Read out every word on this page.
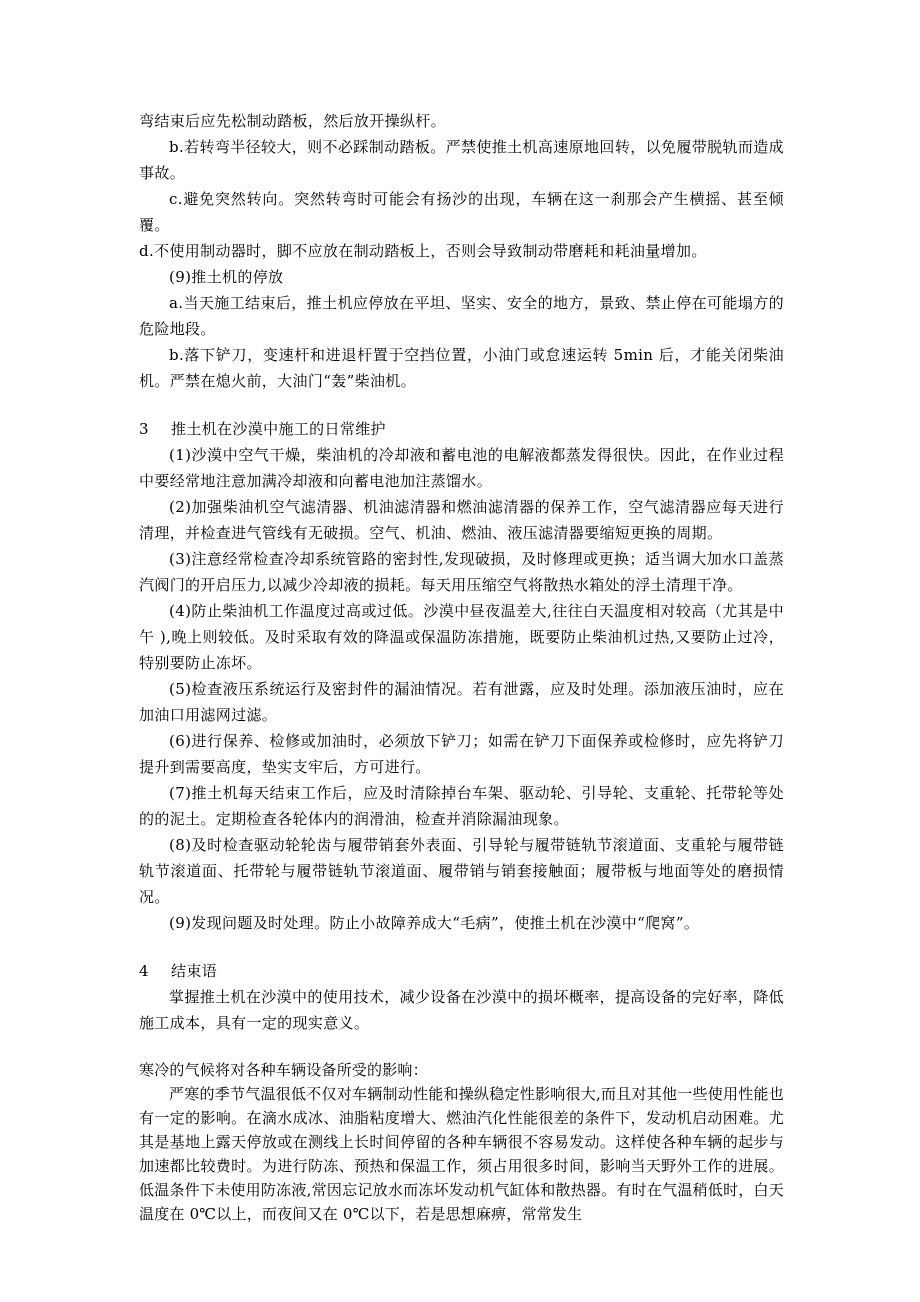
弯结束后应先松制动踏板，然后放开操纵杆。

b.若转弯半径较大，则不必踩制动踏板。严禁使推土机高速原地回转，以免履带脱轨而造成事故。

c.避免突然转向。突然转弯时可能会有扬沙的出现，车辆在这一刹那会产生横摇、甚至倾覆。

d.不使用制动器时，脚不应放在制动踏板上，否则会导致制动带磨耗和耗油量增加。

(9)推土机的停放

a.当天施工结束后，推土机应停放在平坦、坚实、安全的地方，景致、禁止停在可能塌方的危险地段。

b.落下铲刀，变速杆和进退杆置于空挡位置，小油门或怠速运转 5min 后，才能关闭柴油机。严禁在熄火前，大油门“轰”柴油机。

3 推土机在沙漠中施工的日常维护

(1)沙漠中空气干燥，柴油机的冷却液和蓄电池的电解液都蒸发得很快。因此，在作业过程中要经常地注意加满冷却液和向蓄电池加注蒸馏水。

(2)加强柴油机空气滤清器、机油滤清器和燃油滤清器的保养工作，空气滤清器应每天进行清理，并检查进气管线有无破损。空气、机油、燃油、液压滤清器要缩短更换的周期。

(3)注意经常检查冷却系统管路的密封性,发现破损，及时修理或更换；适当调大加水口盖蒸汽阀门的开启压力,以减少冷却液的损耗。每天用压缩空气将散热水箱处的浮土清理干净。

(4)防止柴油机工作温度过高或过低。沙漠中昼夜温差大,往往白天温度相对较高（尤其是中午 ),晚上则较低。及时采取有效的降温或保温防冻措施，既要防止柴油机过热,又要防止过冷，特别要防止冻坏。

(5)检查液压系统运行及密封件的漏油情况。若有泄露，应及时处理。添加液压油时，应在加油口用滤网过滤。

(6)进行保养、检修或加油时，必须放下铲刀；如需在铲刀下面保养或检修时，应先将铲刀提升到需要高度，垫实支牢后，方可进行。

(7)推土机每天结束工作后，应及时清除掉台车架、驱动轮、引导轮、支重轮、托带轮等处的的泥土。定期检查各轮体内的润滑油，检查并消除漏油现象。

(8)及时检查驱动轮轮齿与履带销套外表面、引导轮与履带链轨节滚道面、支重轮与履带链轨节滚道面、托带轮与履带链轨节滚道面、履带销与销套接触面；履带板与地面等处的磨损情况。

(9)发现问题及时处理。防止小故障养成大“毛病”，使推土机在沙漠中“爬窝”。

4 结束语

掌握推土机在沙漠中的使用技术，减少设备在沙漠中的损坏概率，提高设备的完好率，降低施工成本，具有一定的现实意义。

寒冷的气候将对各种车辆设备所受的影响：

严寒的季节气温很低不仅对车辆制动性能和操纵稳定性影响很大,而且对其他一些使用性能也有一定的影响。在滴水成冰、油脂粘度增大、燃油汽化性能很差的条件下，发动机启动困难。尤其是基地上露天停放或在测线上长时间停留的各种车辆很不容易发动。这样使各种车辆的起步与加速都比较费时。为进行防冻、预热和保温工作，须占用很多时间，影响当天野外工作的进展。低温条件下未使用防冻液,常因忘记放水而冻坏发动机气缸体和散热器。有时在气温稍低时，白天温度在 0℃以上，而夜间又在 0℃以下，若是思想麻痹，常常发生
